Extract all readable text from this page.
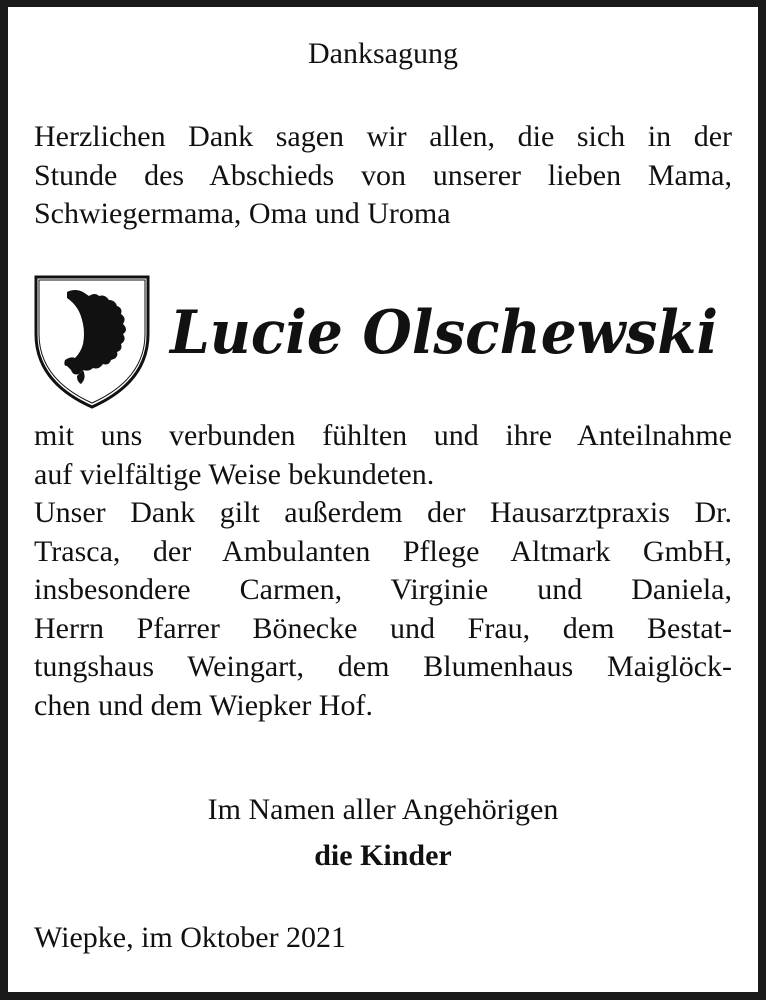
Danksagung
Herzlichen Dank sagen wir allen, die sich in der
Stunde des Abschieds von unserer lieben Mama,
Schwiegermama, Oma und Uroma
Lucie Olschewski
mit uns verbunden fühlten und ihre Anteilnahme
auf vielfältige Weise bekundeten.
Unser Dank gilt außerdem der Hausarztpraxis Dr.
Trasca, der Ambulanten Pflege Altmark GmbH,
insbesondere Carmen, Virginie und Daniela,
Herrn Pfarrer Bönecke und Frau, dem Bestat-
tungshaus Weingart, dem Blumenhaus Maiglöck-
chen und dem Wiepker Hof.
Im Namen aller Angehörigen
die Kinder
Wiepke, im Oktober 2021
